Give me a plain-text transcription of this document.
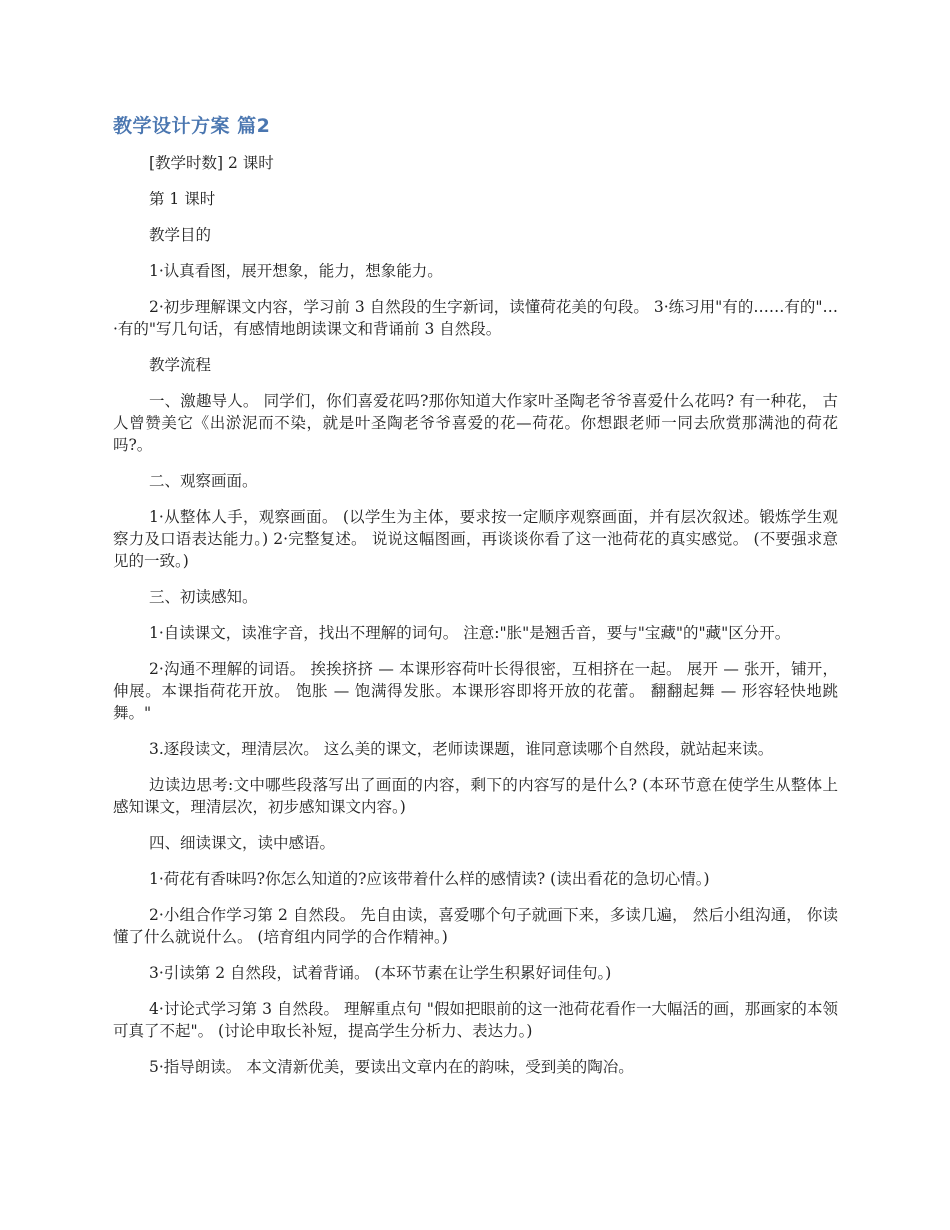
教学设计方案 篇2

[教学时数] 2 课时

第 1 课时

教学目的

1·认真看图，展开想象，能力，想象能力。

2·初步理解课文内容，学习前 3 自然段的生字新词，读懂荷花美的句段。 3·练习用"有的……有的"…·有的"写几句话，有感情地朗读课文和背诵前 3 自然段。

教学流程

一、激趣导人。 同学们，你们喜爱花吗?那你知道大作家叶圣陶老爷爷喜爱什么花吗? 有一种花， 古人曾赞美它《出淤泥而不染，就是叶圣陶老爷爷喜爱的花—荷花。你想跟老师一同去欣赏那满池的荷花吗?。

二、观察画面。

1·从整体人手，观察画面。 (以学生为主体，要求按一定顺序观察画面，并有层次叙述。锻炼学生观察力及口语表达能力。) 2·完整复述。 说说这幅图画，再谈谈你看了这一池荷花的真实感觉。 (不要强求意见的一致。)

三、初读感知。

1·自读课文，读准字音，找出不理解的词句。 注意:"胀"是翘舌音，要与"宝藏"的"藏"区分开。

2·沟通不理解的词语。 挨挨挤挤 — 本课形容荷叶长得很密，互相挤在一起。 展开 — 张开，铺开，伸展。本课指荷花开放。 饱胀 — 饱满得发胀。本课形容即将开放的花蕾。 翻翻起舞 — 形容轻快地跳舞。"

3.逐段读文，理清层次。 这么美的课文，老师读课题，谁同意读哪个自然段，就站起来读。

边读边思考:文中哪些段落写出了画面的内容，剩下的内容写的是什么? (本环节意在使学生从整体上感知课文，理清层次，初步感知课文内容。)

四、细读课文，读中感语。

1·荷花有香味吗?你怎么知道的?应该带着什么样的感情读? (读出看花的急切心情。)

2·小组合作学习第 2 自然段。 先自由读，喜爱哪个句子就画下来，多读几遍， 然后小组沟通， 你读懂了什么就说什么。 (培育组内同学的合作精神。)

3·引读第 2 自然段，试着背诵。 (本环节素在让学生积累好词佳句。)

4·讨论式学习第 3 自然段。 理解重点句 "假如把眼前的这一池荷花看作一大幅活的画，那画家的本领可真了不起"。 (讨论申取长补短，提高学生分析力、表达力。)

5·指导朗读。 本文清新优美，要读出文章内在的韵味，受到美的陶冶。
